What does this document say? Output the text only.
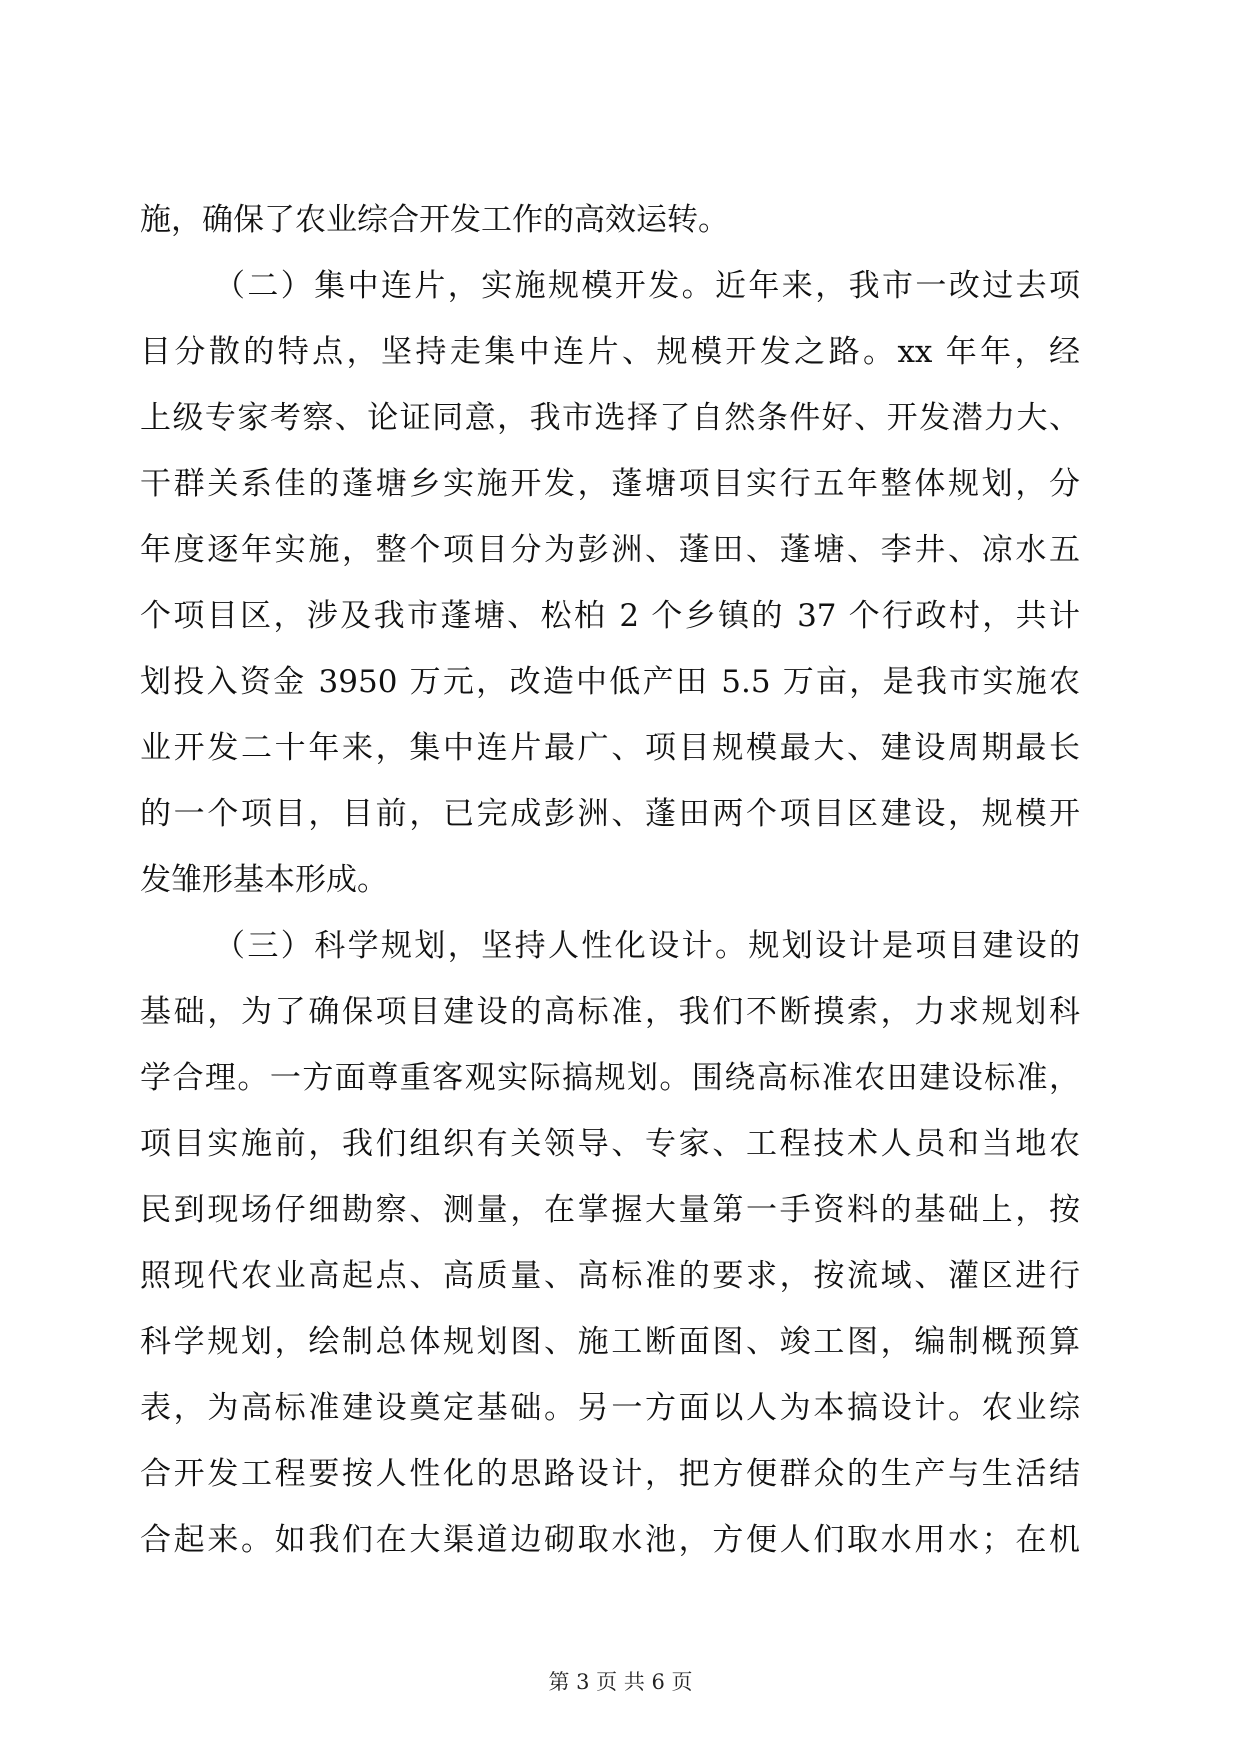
施，确保了农业综合开发工作的高效运转。
（二）集中连片，实施规模开发。近年来，我市一改过去项
目分散的特点，坚持走集中连片、规模开发之路。xx 年年，经
上级专家考察、论证同意，我市选择了自然条件好、开发潜力大、
干群关系佳的蓬塘乡实施开发，蓬塘项目实行五年整体规划，分
年度逐年实施，整个项目分为彭洲、蓬田、蓬塘、李井、凉水五
个项目区，涉及我市蓬塘、松柏 2 个乡镇的 37 个行政村，共计
划投入资金 3950 万元，改造中低产田 5.5 万亩，是我市实施农
业开发二十年来，集中连片最广、项目规模最大、建设周期最长
的一个项目，目前，已完成彭洲、蓬田两个项目区建设，规模开
发雏形基本形成。
（三）科学规划，坚持人性化设计。规划设计是项目建设的
基础，为了确保项目建设的高标准，我们不断摸索，力求规划科
学合理。一方面尊重客观实际搞规划。围绕高标准农田建设标准，
项目实施前，我们组织有关领导、专家、工程技术人员和当地农
民到现场仔细勘察、测量，在掌握大量第一手资料的基础上，按
照现代农业高起点、高质量、高标准的要求，按流域、灌区进行
科学规划，绘制总体规划图、施工断面图、竣工图，编制概预算
表，为高标准建设奠定基础。另一方面以人为本搞设计。农业综
合开发工程要按人性化的思路设计，把方便群众的生产与生活结
合起来。如我们在大渠道边砌取水池，方便人们取水用水；在机
第 3 页 共 6 页
